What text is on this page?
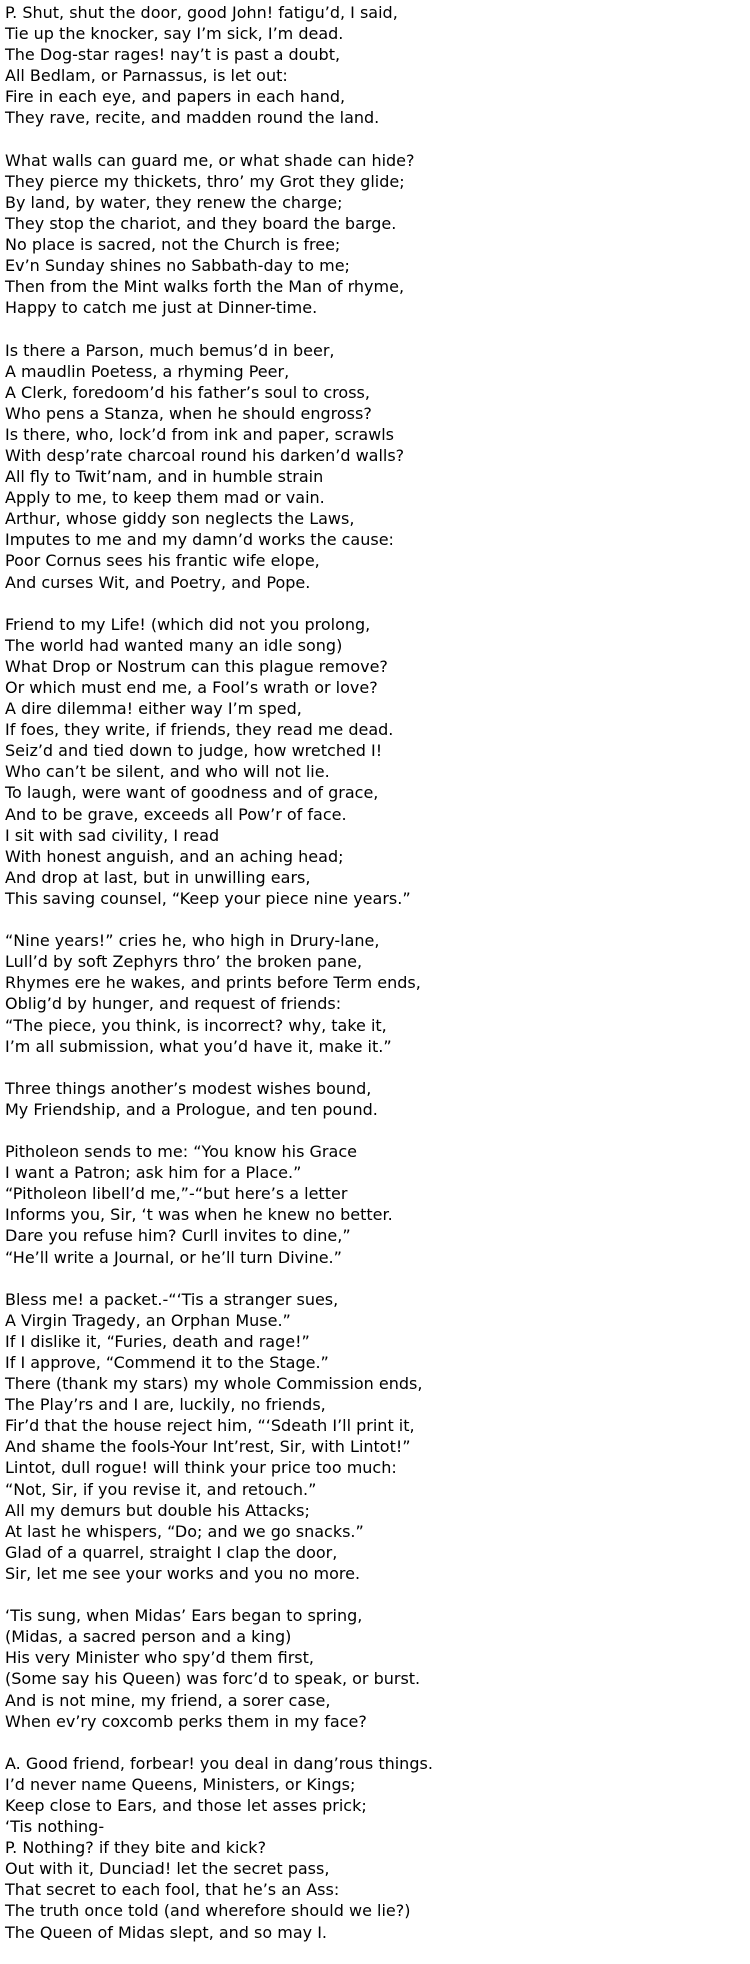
P. Shut, shut the door, good John! fatigu’d, I said,
Tie up the knocker, say I’m sick, I’m dead.
The Dog-star rages! nay’t is past a doubt,
All Bedlam, or Parnassus, is let out:
Fire in each eye, and papers in each hand,
They rave, recite, and madden round the land.
What walls can guard me, or what shade can hide?
They pierce my thickets, thro’ my Grot they glide;
By land, by water, they renew the charge;
They stop the chariot, and they board the barge.
No place is sacred, not the Church is free;
Ev’n Sunday shines no Sabbath-day to me;
Then from the Mint walks forth the Man of rhyme,
Happy to catch me just at Dinner-time.
Is there a Parson, much bemus’d in beer,
A maudlin Poetess, a rhyming Peer,
A Clerk, foredoom’d his father’s soul to cross,
Who pens a Stanza, when he should engross?
Is there, who, lock’d from ink and paper, scrawls
With desp’rate charcoal round his darken’d walls?
All fly to Twit’nam, and in humble strain
Apply to me, to keep them mad or vain.
Arthur, whose giddy son neglects the Laws,
Imputes to me and my damn’d works the cause:
Poor Cornus sees his frantic wife elope,
And curses Wit, and Poetry, and Pope.
Friend to my Life! (which did not you prolong,
The world had wanted many an idle song)
What Drop or Nostrum can this plague remove?
Or which must end me, a Fool’s wrath or love?
A dire dilemma! either way I’m sped,
If foes, they write, if friends, they read me dead.
Seiz’d and tied down to judge, how wretched I!
Who can’t be silent, and who will not lie.
To laugh, were want of goodness and of grace,
And to be grave, exceeds all Pow’r of face.
I sit with sad civility, I read
With honest anguish, and an aching head;
And drop at last, but in unwilling ears,
This saving counsel, “Keep your piece nine years.”
“Nine years!” cries he, who high in Drury-lane,
Lull’d by soft Zephyrs thro’ the broken pane,
Rhymes ere he wakes, and prints before Term ends,
Oblig’d by hunger, and request of friends:
“The piece, you think, is incorrect? why, take it,
I’m all submission, what you’d have it, make it.”
Three things another’s modest wishes bound,
My Friendship, and a Prologue, and ten pound.
Pitholeon sends to me: “You know his Grace
I want a Patron; ask him for a Place.”
“Pitholeon libell’d me,”-“but here’s a letter
Informs you, Sir, ‘t was when he knew no better.
Dare you refuse him? Curll invites to dine,”
“He’ll write a Journal, or he’ll turn Divine.”
Bless me! a packet.-“‘Tis a stranger sues,
A Virgin Tragedy, an Orphan Muse.”
If I dislike it, “Furies, death and rage!”
If I approve, “Commend it to the Stage.”
There (thank my stars) my whole Commission ends,
The Play’rs and I are, luckily, no friends,
Fir’d that the house reject him, “‘Sdeath I’ll print it,
And shame the fools-Your Int’rest, Sir, with Lintot!”
Lintot, dull rogue! will think your price too much:
“Not, Sir, if you revise it, and retouch.”
All my demurs but double his Attacks;
At last he whispers, “Do; and we go snacks.”
Glad of a quarrel, straight I clap the door,
Sir, let me see your works and you no more.
‘Tis sung, when Midas’ Ears began to spring,
(Midas, a sacred person and a king)
His very Minister who spy’d them first,
(Some say his Queen) was forc’d to speak, or burst.
And is not mine, my friend, a sorer case,
When ev’ry coxcomb perks them in my face?
A. Good friend, forbear! you deal in dang’rous things.
I’d never name Queens, Ministers, or Kings;
Keep close to Ears, and those let asses prick;
‘Tis nothing-
P. Nothing? if they bite and kick?
Out with it, Dunciad! let the secret pass,
That secret to each fool, that he’s an Ass:
The truth once told (and wherefore should we lie?)
The Queen of Midas slept, and so may I.
